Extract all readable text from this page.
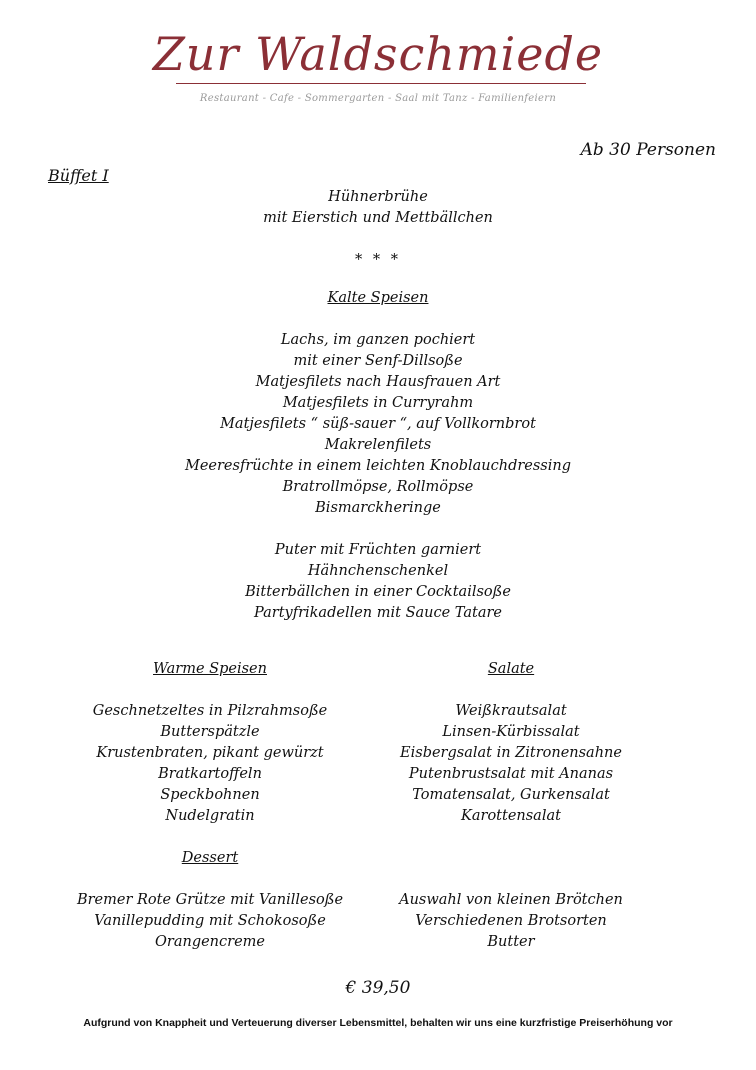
Zur Waldschmiede
Restaurant - Cafe - Sommergarten - Saal mit Tanz - Familienfeiern
Ab 30 Personen
Büffet I
Hühnerbrühe
mit Eierstich und Mettbällchen
* * *
Kalte Speisen
Lachs, im ganzen pochiert
mit einer Senf-Dillsoße
Matjesfilets nach Hausfrauen Art
Matjesfilets in Curryrahm
Matjesfilets “ süß-sauer “, auf Vollkornbrot
Makrelenfilets
Meeresfrüchte in einem leichten Knoblauchdressing
Bratrollmöpse, Rollmöpse
Bismarckheringe
Puter mit Früchten garniert
Hähnchenschenkel
Bitterbällchen in einer Cocktailsoße
Partyfrikadellen mit Sauce Tatare
Warme Speisen
Geschnetzeltes in Pilzrahmsoße
Butterspätzle
Krustenbraten, pikant gewürzt
Bratkartoffeln
Speckbohnen
Nudelgratin
Salate
Weißkrautsalat
Linsen-Kürbissalat
Eisbergsalat in Zitronensahne
Putenbrustsalat mit Ananas
Tomatensalat, Gurkensalat
Karottensalat
Dessert
Bremer Rote Grütze mit Vanillesoße
Vanillepudding mit Schokosoße
Orangencreme
Auswahl von kleinen Brötchen
Verschiedenen Brotsorten
Butter
€ 39,50
Aufgrund von Knappheit und Verteuerung diverser Lebensmittel, behalten wir uns eine kurzfristige Preiserhöhung vor
